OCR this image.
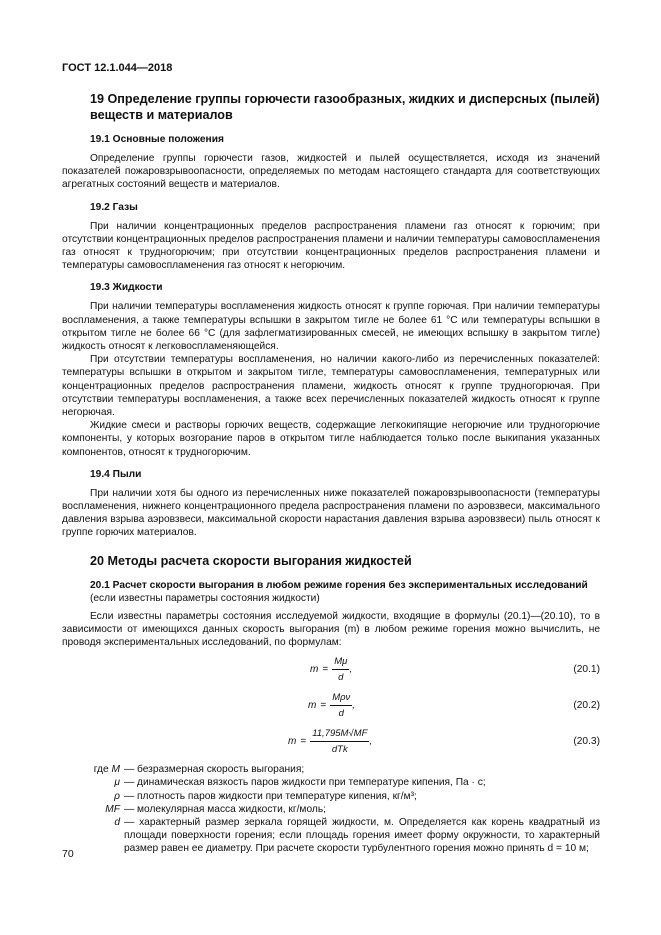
ГОСТ 12.1.044—2018
19 Определение группы горючести газообразных, жидких и дисперсных (пылей) веществ и материалов
19.1 Основные положения

Определение группы горючести газов, жидкостей и пылей осуществляется, исходя из значений показателей пожаровзрывоопасности, определяемых по методам настоящего стандарта для соответствующих агрегатных состояний веществ и материалов.

19.2 Газы

При наличии концентрационных пределов распространения пламени газ относят к горючим; при отсутствии концентрационных пределов распространения пламени и наличии температуры самовоспламенения газ относят к трудногорючим; при отсутствии концентрационных пределов распространения пламени и температуры самовоспламенения газ относят к негорючим.

19.3 Жидкости

При наличии температуры воспламенения жидкость относят к группе горючая. При наличии температуры воспламенения, а также температуры вспышки в закрытом тигле не более 61 °С или температуры вспышки в открытом тигле не более 66 °С (для зафлегматизированных смесей, не имеющих вспышку в закрытом тигле) жидкость относят к легковоспламеняющейся.

При отсутствии температуры воспламенения, но наличии какого-либо из перечисленных показателей: температуры вспышки в открытом и закрытом тигле, температуры самовоспламенения, температурных или концентрационных пределов распространения пламени, жидкость относят к группе трудногорючая. При отсутствии температуры воспламенения, а также всех перечисленных показателей жидкость относят к группе негорючая.

Жидкие смеси и растворы горючих веществ, содержащие легкокипящие негорючие или трудногорючие компоненты, у которых возгорание паров в открытом тигле наблюдается только после выкипания указанных компонентов, относят к трудногорючим.

19.4 Пыли

При наличии хотя бы одного из перечисленных ниже показателей пожаровзрывоопасности (температуры воспламенения, нижнего концентрационного предела распространения пламени по аэровзвеси, максимального давления взрыва аэровзвеси, максимальной скорости нарастания давления взрыва аэровзвеси) пыль относят к группе горючих материалов.

20 Методы расчета скорости выгорания жидкостей
20.1 Расчет скорости выгорания в любом режиме горения без экспериментальных исследований (если известны параметры состояния жидкости)

Если известны параметры состояния исследуемой жидкости, входящие в формулы (20.1)—(20.10), то в зависимости от имеющихся данных скорость выгорания (m) в любом режиме горения можно вычислить, не проводя экспериментальных исследований, по формулам:

$m = \frac{M\mu}{d}$ ,	(20.1)
$m = \frac{\text{Mρν}}{d}$ ,	(20.2)
$m = \frac{11,795M√MF}{\text{dTk}}$ ,	(20.3)
где M — безразмерная скорость выгорания;
μ — динамическая вязкость паров жидкости при температуре кипения, Па · с;
ρ — плотность паров жидкости при температуре кипения, кг/м³;
MF — молекулярная масса жидкости, кг/моль;
d — характерный размер зеркала горящей жидкости, м. Определяется как корень квадратный из площади поверхности горения; если площадь горения имеет форму окружности, то характерный размер равен ее диаметру. При расчете скорости турбулентного горения можно принять d = 10 м;
70
